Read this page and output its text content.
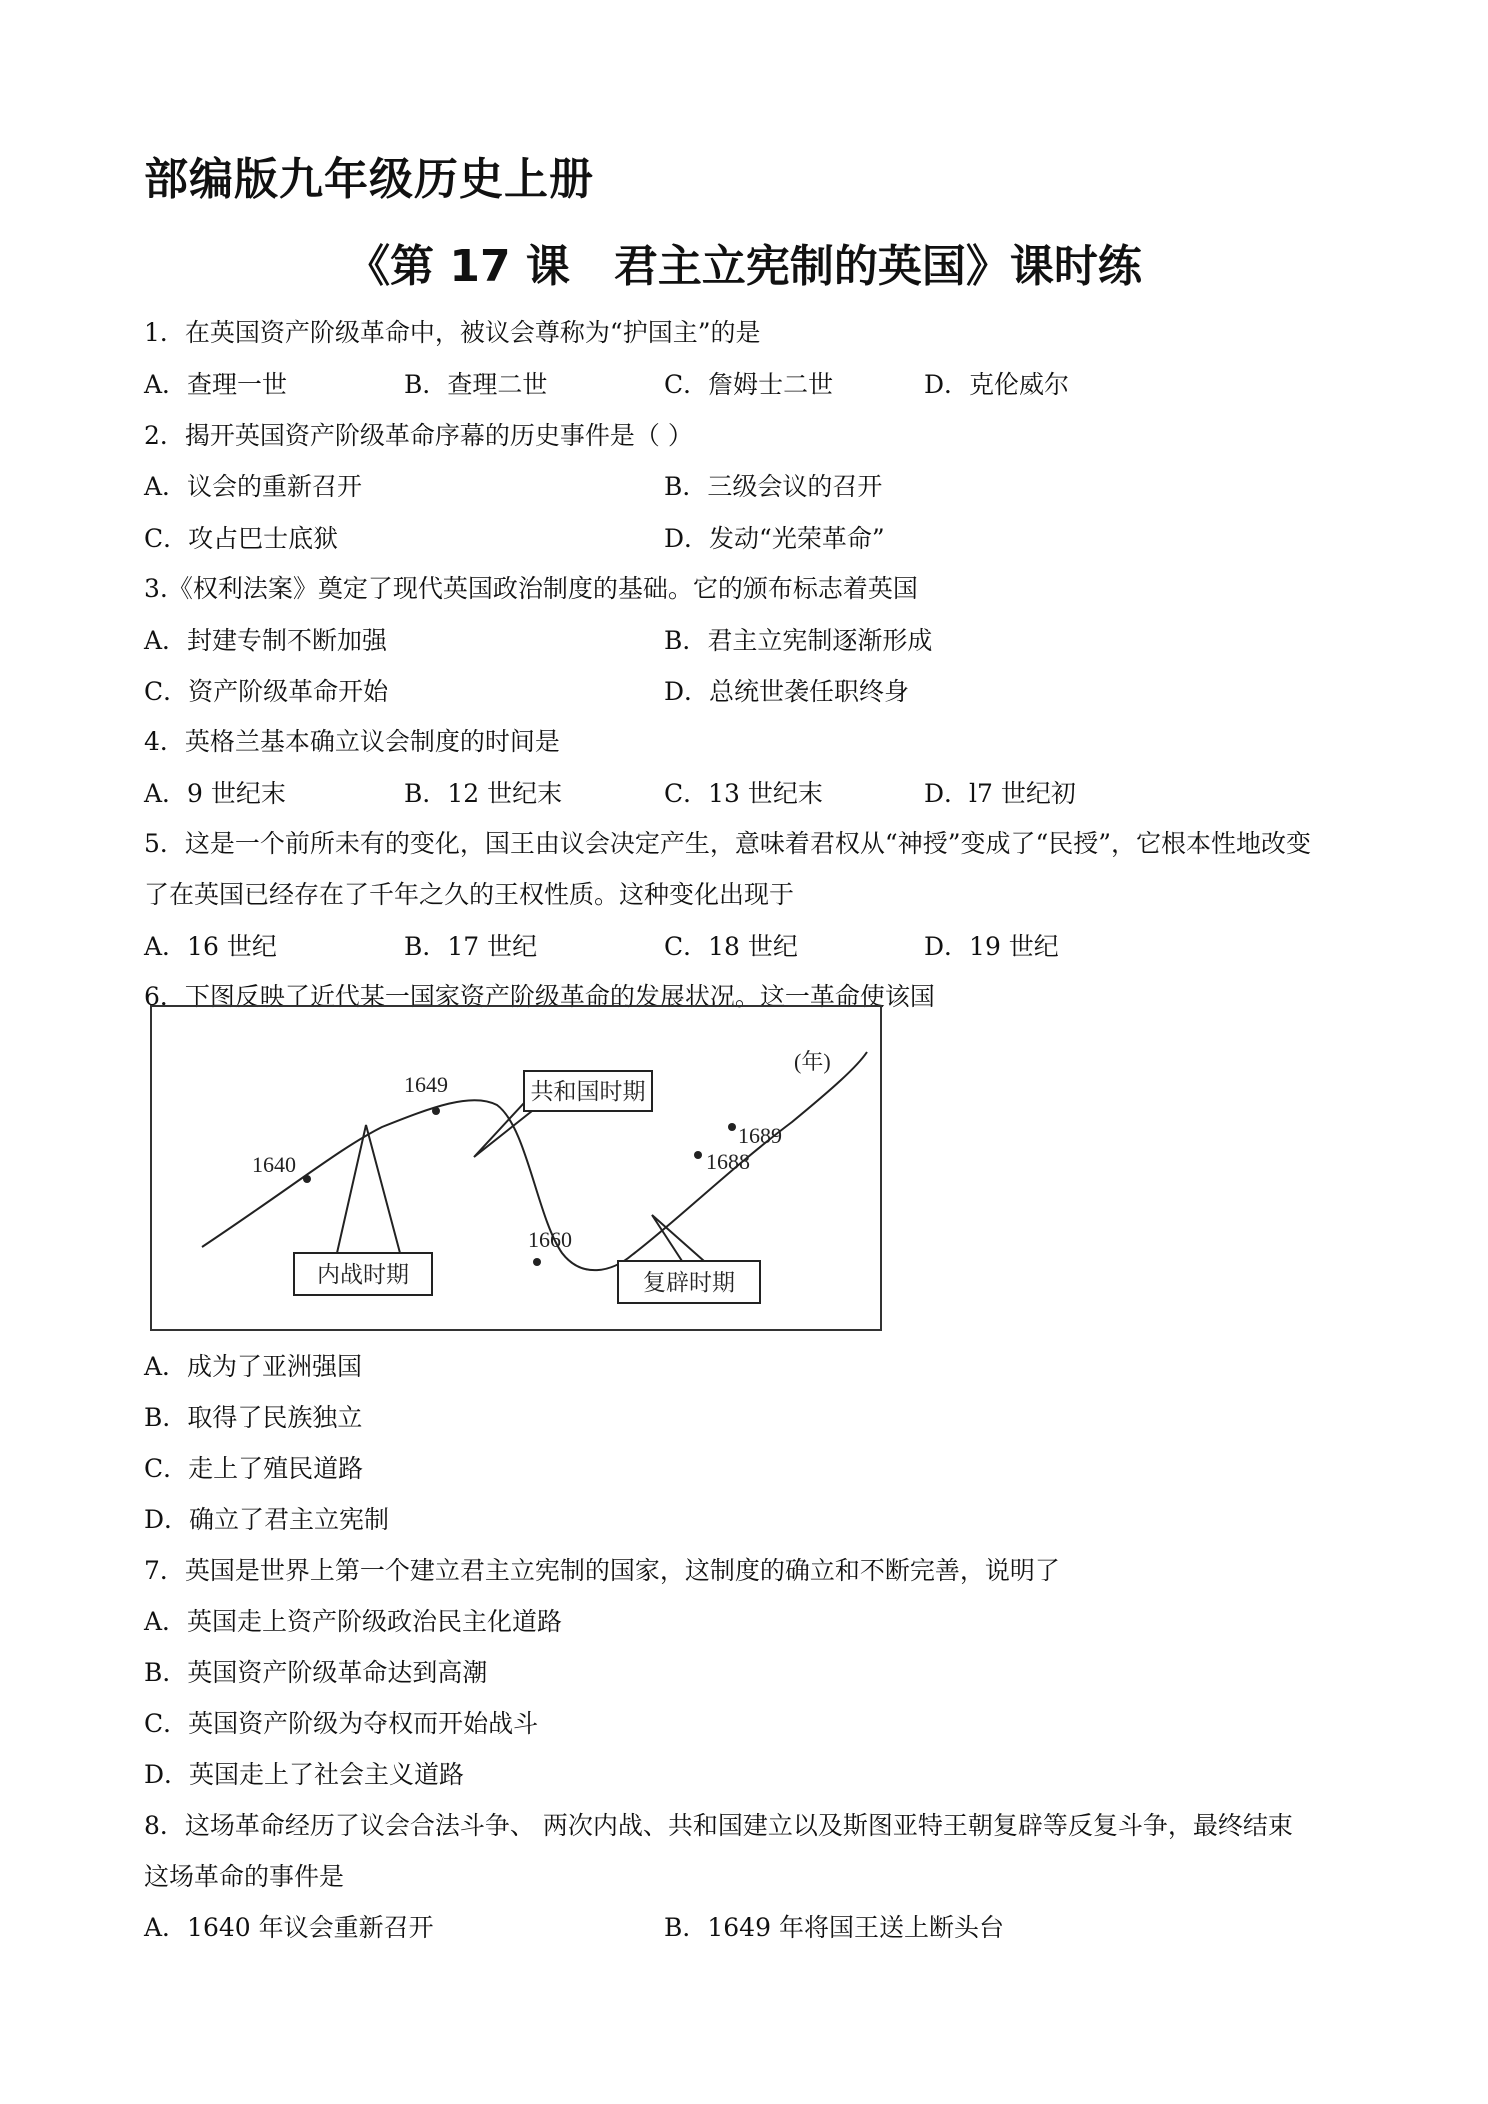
部编版九年级历史上册
《第 17 课　君主立宪制的英国》课时练
1．在英国资产阶级革命中，被议会尊称为“护国主”的是
A．查理一世	B．查理二世	C．詹姆士二世	D．克伦威尔
2．揭开英国资产阶级革命序幕的历史事件是（ ）
A．议会的重新召开	B．三级会议的召开
C．攻占巴士底狱	D．发动“光荣革命”
3.《权利法案》奠定了现代英国政治制度的基础。它的颁布标志着英国
A．封建专制不断加强	B．君主立宪制逐渐形成
C．资产阶级革命开始	D．总统世袭任职终身
4．英格兰基本确立议会制度的时间是
A．9 世纪末	B．12 世纪末	C．13 世纪末	D．l7 世纪初
5．这是一个前所未有的变化，国王由议会决定产生，意味着君权从“神授”变成了“民授”，它根本性地改变
了在英国已经存在了千年之久的王权性质。这种变化出现于
A．16 世纪	B．17 世纪	C．18 世纪	D．19 世纪
6．下图反映了近代某一国家资产阶级革命的发展状况。这一革命使该国
1640
1649
1660
1688
1689
(年)
共和国时期
内战时期	复辟时期
A．成为了亚洲强国
B．取得了民族独立
C．走上了殖民道路
D．确立了君主立宪制
7．英国是世界上第一个建立君主立宪制的国家，这制度的确立和不断完善，说明了
A．英国走上资产阶级政治民主化道路
B．英国资产阶级革命达到高潮
C．英国资产阶级为夺权而开始战斗
D．英国走上了社会主义道路
8．这场革命经历了议会合法斗争、 两次内战、共和国建立以及斯图亚特王朝复辟等反复斗争，最终结束
这场革命的事件是
A．1640 年议会重新召开	B．1649 年将国王送上断头台
